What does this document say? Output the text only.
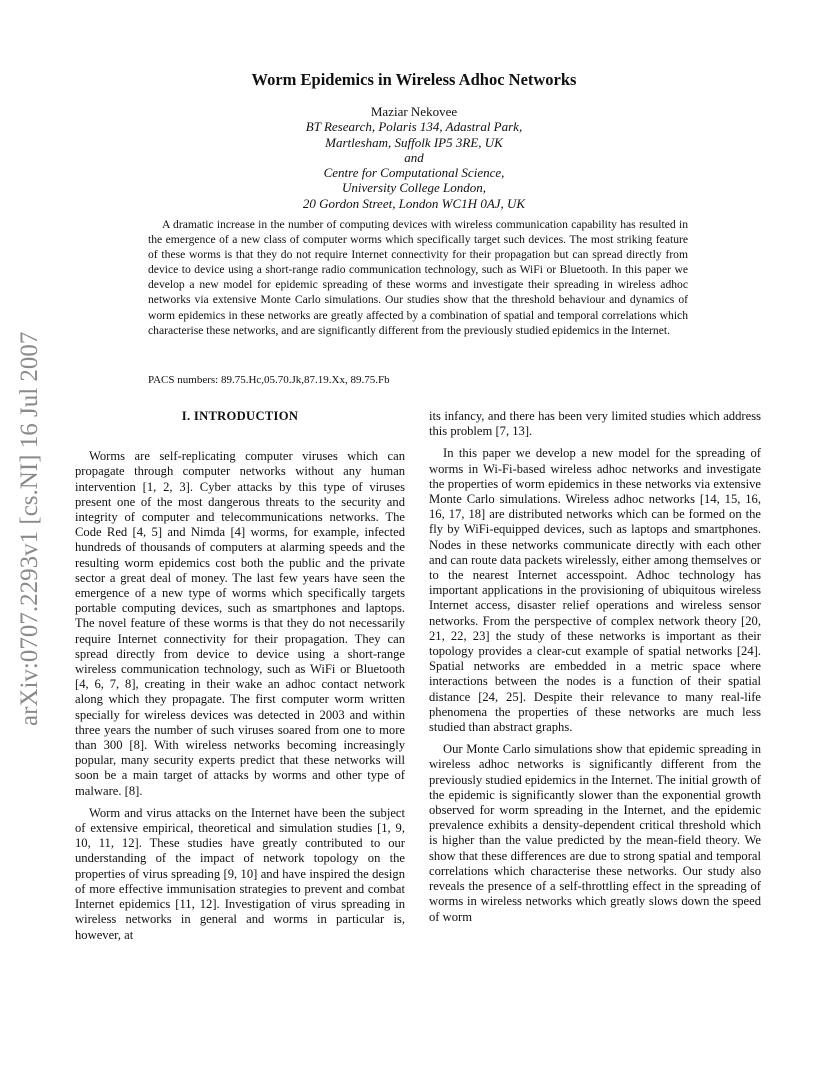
arXiv:0707.2293v1 [cs.NI] 16 Jul 2007
Worm Epidemics in Wireless Adhoc Networks
Maziar Nekovee
BT Research, Polaris 134, Adastral Park,
Martlesham, Suffolk IP5 3RE, UK
and
Centre for Computational Science,
University College London,
20 Gordon Street, London WC1H 0AJ, UK
A dramatic increase in the number of computing devices with wireless communication capability has resulted in the emergence of a new class of computer worms which specifically target such devices. The most striking feature of these worms is that they do not require Internet connectivity for their propagation but can spread directly from device to device using a short-range radio communication technology, such as WiFi or Bluetooth. In this paper we develop a new model for epidemic spreading of these worms and investigate their spreading in wireless adhoc networks via extensive Monte Carlo simulations. Our studies show that the threshold behaviour and dynamics of worm epidemics in these networks are greatly affected by a combination of spatial and temporal correlations which characterise these networks, and are significantly different from the previously studied epidemics in the Internet.
PACS numbers: 89.75.Hc,05.70.Jk,87.19.Xx, 89.75.Fb
I. INTRODUCTION

Worms are self-replicating computer viruses which can propagate through computer networks without any human intervention [1, 2, 3]. Cyber attacks by this type of viruses present one of the most dangerous threats to the security and integrity of computer and telecommunications networks. The Code Red [4, 5] and Nimda [4] worms, for example, infected hundreds of thousands of computers at alarming speeds and the resulting worm epidemics cost both the public and the private sector a great deal of money. The last few years have seen the emergence of a new type of worms which specifically targets portable computing devices, such as smartphones and laptops. The novel feature of these worms is that they do not necessarily require Internet connectivity for their propagation. They can spread directly from device to device using a short-range wireless communication technology, such as WiFi or Bluetooth [4, 6, 7, 8], creating in their wake an adhoc contact network along which they propagate. The first computer worm written specially for wireless devices was detected in 2003 and within three years the number of such viruses soared from one to more than 300 [8]. With wireless networks becoming increasingly popular, many security experts predict that these networks will soon be a main target of attacks by worms and other type of malware. [8].

Worm and virus attacks on the Internet have been the subject of extensive empirical, theoretical and simulation studies [1, 9, 10, 11, 12]. These studies have greatly contributed to our understanding of the impact of network topology on the properties of virus spreading [9, 10] and have inspired the design of more effective immunisation strategies to prevent and combat Internet epidemics [11, 12]. Investigation of virus spreading in wireless networks in general and worms in particular is, however, at

its infancy, and there has been very limited studies which address this problem [7, 13].

In this paper we develop a new model for the spreading of worms in Wi-Fi-based wireless adhoc networks and investigate the properties of worm epidemics in these networks via extensive Monte Carlo simulations. Wireless adhoc networks [14, 15, 16, 16, 17, 18] are distributed networks which can be formed on the fly by WiFi-equipped devices, such as laptops and smartphones. Nodes in these networks communicate directly with each other and can route data packets wirelessly, either among themselves or to the nearest Internet accesspoint. Adhoc technology has important applications in the provisioning of ubiquitous wireless Internet access, disaster relief operations and wireless sensor networks. From the perspective of complex network theory [20, 21, 22, 23] the study of these networks is important as their topology provides a clear-cut example of spatial networks [24]. Spatial networks are embedded in a metric space where interactions between the nodes is a function of their spatial distance [24, 25]. Despite their relevance to many real-life phenomena the properties of these networks are much less studied than abstract graphs.

Our Monte Carlo simulations show that epidemic spreading in wireless adhoc networks is significantly different from the previously studied epidemics in the Internet. The initial growth of the epidemic is significantly slower than the exponential growth observed for worm spreading in the Internet, and the epidemic prevalence exhibits a density-dependent critical threshold which is higher than the value predicted by the mean-field theory. We show that these differences are due to strong spatial and temporal correlations which characterise these networks. Our study also reveals the presence of a self-throttling effect in the spreading of worms in wireless networks which greatly slows down the speed of worm
